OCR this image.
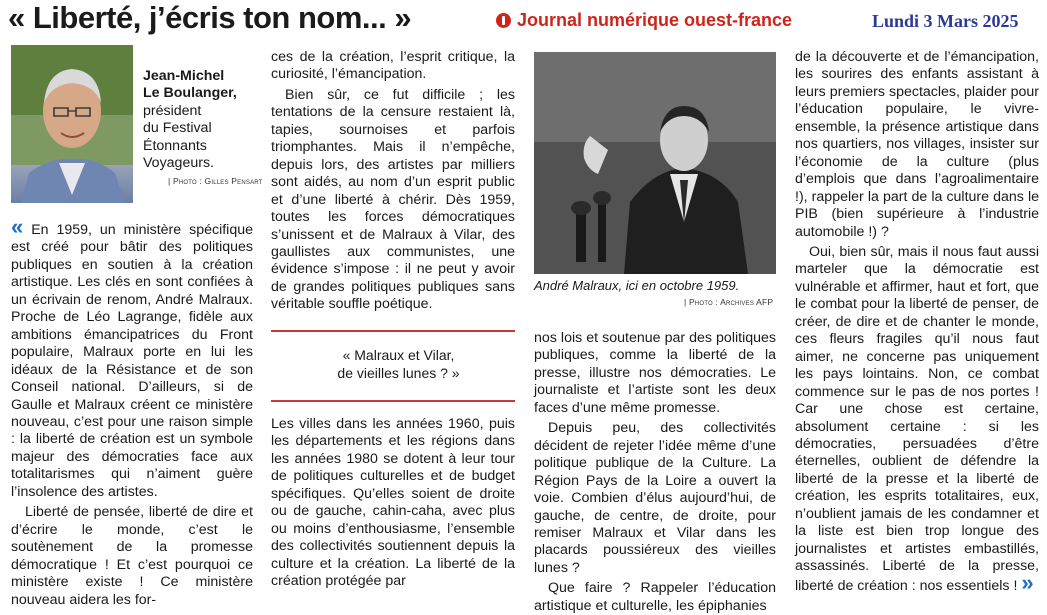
« Liberté, j’écris ton nom... »	Journal numérique ouest-france	Lundi 3 Mars 2025
Jean-Michel
Le Boulanger,
président
du Festival
Étonnants
Voyageurs.
| Photo : Gilles Pensart

« En 1959, un ministère spécifique est créé pour bâtir des politiques publiques en soutien à la création artistique. Les clés en sont confiées à un écrivain de renom, André Malraux. Proche de Léo Lagrange, fidèle aux ambitions émancipatrices du Front populaire, Malraux porte en lui les idéaux de la Résistance et de son Conseil national. D’ailleurs, si de Gaulle et Malraux créent ce ministère nouveau, c’est pour une raison simple : la liberté de création est un symbole majeur des démocraties face aux totalitarismes qui n’aiment guère l’insolence des artistes.

Liberté de pensée, liberté de dire et d’écrire le monde, c’est le soutènement de la promesse démocratique ! Et c’est pourquoi ce ministère existe ! Ce ministère nouveau aidera les for-

ces de la création, l’esprit critique, la curiosité, l’émancipation.

Bien sûr, ce fut difficile ; les tentations de la censure restaient là, tapies, sournoises et parfois triomphantes. Mais il n’empêche, depuis lors, des artistes par milliers sont aidés, au nom d’un esprit public et d’une liberté à chérir. Dès 1959, toutes les forces démocratiques s’unissent et de Malraux à Vilar, des gaullistes aux communistes, une évidence s’impose : il ne peut y avoir de grandes politiques publiques sans véritable souffle poétique.

« Malraux et Vilar,
de vieilles lunes ? »

Les villes dans les années 1960, puis les départements et les régions dans les années 1980 se dotent à leur tour de politiques culturelles et de budget spécifiques. Qu’elles soient de droite ou de gauche, cahin-caha, avec plus ou moins d’enthousiasme, l’ensemble des collectivités soutiennent depuis la culture et la création. La liberté de la création protégée par

André Malraux, ici en octobre 1959.
| Photo : Archives AFP

nos lois et soutenue par des politiques publiques, comme la liberté de la presse, illustre nos démocraties. Le journaliste et l’artiste sont les deux faces d’une même promesse.

Depuis peu, des collectivités décident de rejeter l’idée même d’une politique publique de la Culture. La Région Pays de la Loire a ouvert la voie. Combien d’élus aujourd’hui, de gauche, de centre, de droite, pour remiser Malraux et Vilar dans les placards poussiéreux des vieilles lunes ?

Que faire ? Rappeler l’éducation artistique et culturelle, les épiphanies

de la découverte et de l’émancipation, les sourires des enfants assistant à leurs premiers spectacles, plaider pour l’éducation populaire, le vivre-ensemble, la présence artistique dans nos quartiers, nos villages, insister sur l’économie de la culture (plus d’emplois que dans l’agroalimentaire !), rappeler la part de la culture dans le PIB (bien supérieure à l’industrie automobile !) ?

Oui, bien sûr, mais il nous faut aussi marteler que la démocratie est vulnérable et affirmer, haut et fort, que le combat pour la liberté de penser, de créer, de dire et de chanter le monde, ces fleurs fragiles qu’il nous faut aimer, ne concerne pas uniquement les pays lointains. Non, ce combat commence sur le pas de nos portes ! Car une chose est certaine, absolument certaine : si les démocraties, persuadées d’être éternelles, oublient de défendre la liberté de la presse et la liberté de création, les esprits totalitaires, eux, n’oublient jamais de les condamner et la liste est bien trop longue des journalistes et artistes embastillés, assassinés. Liberté de la presse, liberté de création : nos essentiels ! »
